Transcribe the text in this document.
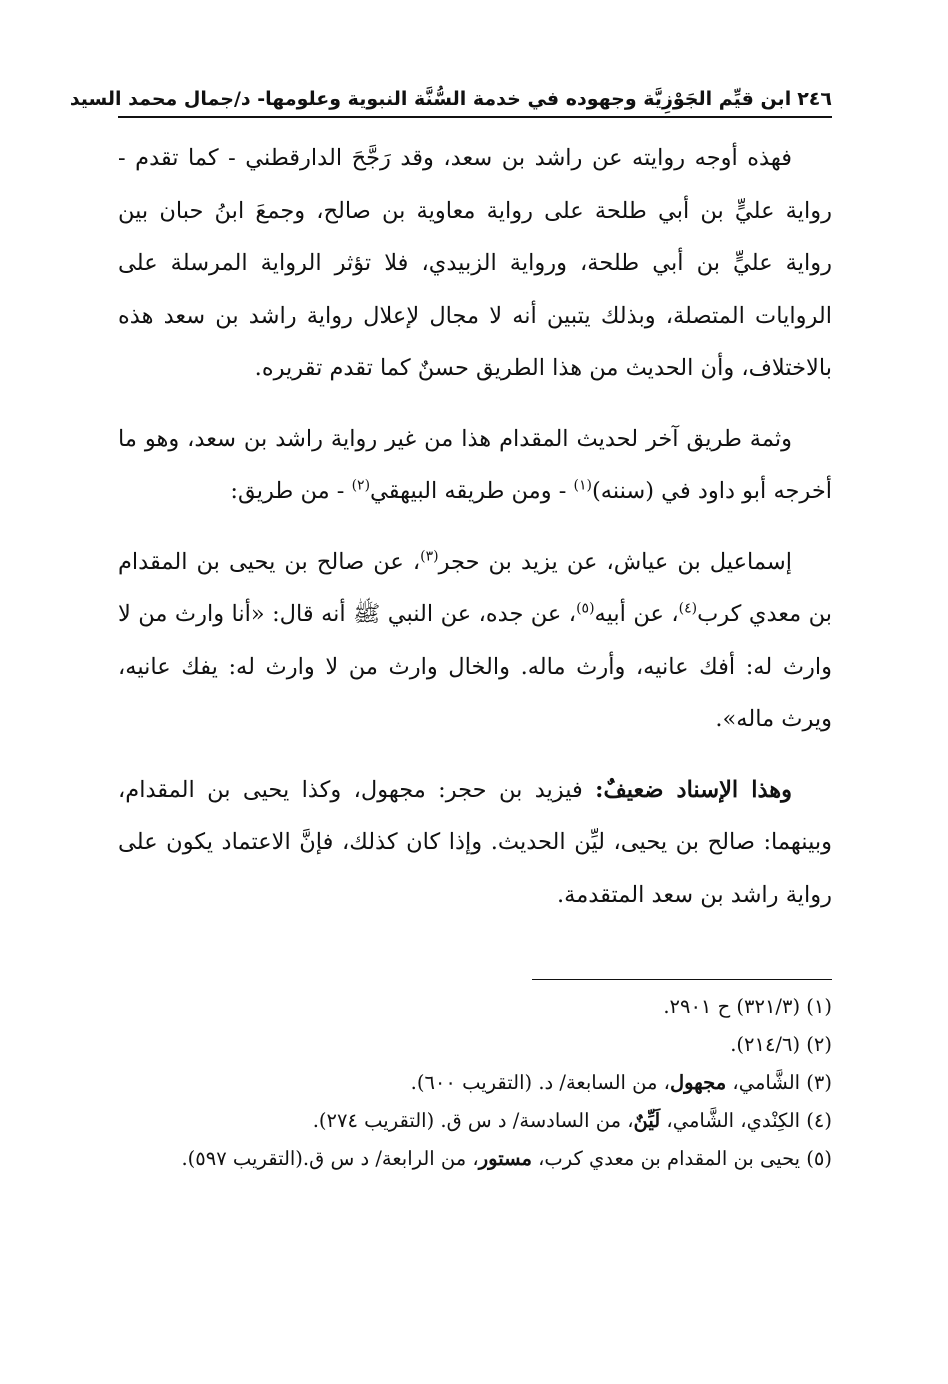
٢٤٦
ابن قيِّم الجَوْزِيَّة وجهوده في خدمة السُّنَّة النبوية وعلومها- د/جمال محمد السيد

فهذه أوجه روايته عن راشد بن سعد، وقد رَجَّحَ الدارقطني - كما تقدم - رواية عليٍّ بن أبي طلحة على رواية معاوية بن صالح، وجمعَ ابنُ حبان بين رواية عليٍّ بن أبي طلحة، ورواية الزبيدي، فلا تؤثر الرواية المرسلة على الروايات المتصلة، وبذلك يتبين أنه لا مجال لإعلال رواية راشد بن سعد هذه بالاختلاف، وأن الحديث من هذا الطريق حسنٌ كما تقدم تقريره.

وثمة طريق آخر لحديث المقدام هذا من غير رواية راشد بن سعد، وهو ما أخرجه أبو داود في (سننه)$^{(١)}$ - ومن طريقه البيهقي$^{(٢)}$ - من طريق:

إسماعيل بن عياش، عن يزيد بن حجر$^{(٣)}$، عن صالح بن يحيى بن المقدام بن معدي كرب$^{(٤)}$، عن أبيه$^{(٥)}$، عن جده، عن النبي ﷺ أنه قال: «أنا وارث من لا وارث له: أفك عانيه، وأرث ماله. والخال وارث من لا وارث له: يفك عانيه، ويرث ماله».

وهذا الإسناد ضعيفٌ: فيزيد بن حجر: مجهول، وكذا يحيى بن المقدام، وبينهما: صالح بن يحيى، ليِّن الحديث. وإذا كان كذلك، فإنَّ الاعتماد يكون على رواية راشد بن سعد المتقدمة.

(١) (٣٢١/٣) ح ٢٩٠١.

(٢) (٢١٤/٦).

(٣) الشَّامي، مجهول، من السابعة/ د. (التقريب ٦٠٠).

(٤) الكِنْدي، الشَّامي، لَيِّنٌ، من السادسة/ د س ق. (التقريب ٢٧٤).

(٥) يحيى بن المقدام بن معدي كرب، مستور، من الرابعة/ د س ق.(التقريب ٥٩٧).
